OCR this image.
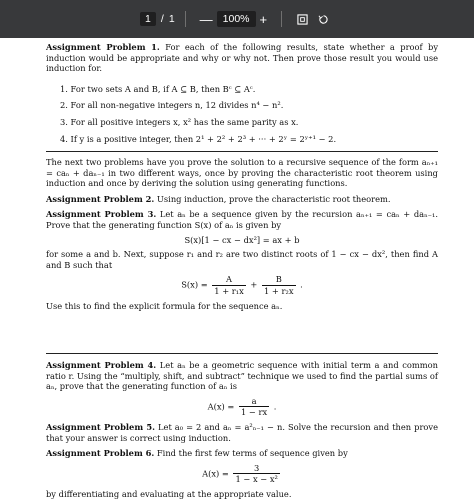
1 / 1	— 100% +

Assignment Problem 1. For each of the following results, state whether a proof by induction would be appropriate and why or why not. Then prove those result you would use induction for.

1. For two sets A and B, if A ⊆ B, then Bᶜ ⊆ Aᶜ.
2. For all non-negative integers n, 12 divides n⁴ − n².
3. For all positive integers x, x² has the same parity as x.
4. If y is a positive integer, then 2¹ + 2² + 2³ + ··· + 2ʸ = 2ʸ⁺¹ − 2.

The next two problems have you prove the solution to a recursive sequence of the form aₙ₊₁ = caₙ + daₙ₋₁ in two different ways, once by proving the characteristic root theorem using induction and once by deriving the solution using generating functions.

Assignment Problem 2. Using induction, prove the characteristic root theorem.

Assignment Problem 3. Let aₙ be a sequence given by the recursion aₙ₊₁ = caₙ + daₙ₋₁. Prove that the generating function S(x) of aₙ is given by

S(x)[1 − cx − dx²] = ax + b

for some a and b. Next, suppose r₁ and r₂ are two distinct roots of 1 − cx − dx², then find A and B such that

$S(x) = \frac{A}{\text{1 + r₁x}} + \frac{B}{\text{1 + r₂x}}$ .

Use this to find the explicit formula for the sequence aₙ.

Assignment Problem 4. Let aₙ be a geometric sequence with initial term a and common ratio r. Using the “multiply, shift, and subtract” technique we used to find the partial sums of aₙ, prove that the generating function of aₙ is

$A(x) = \frac{a}{1 - rx}$ .

Assignment Problem 5. Let a₀ = 2 and aₙ = a²ₙ₋₁ − n. Solve the recursion and then prove that your answer is correct using induction.

Assignment Problem 6. Find the first few terms of sequence given by

$A(x) = \frac{3}{\text{1 − x − x²}}$

by differentiating and evaluating at the appropriate value.
